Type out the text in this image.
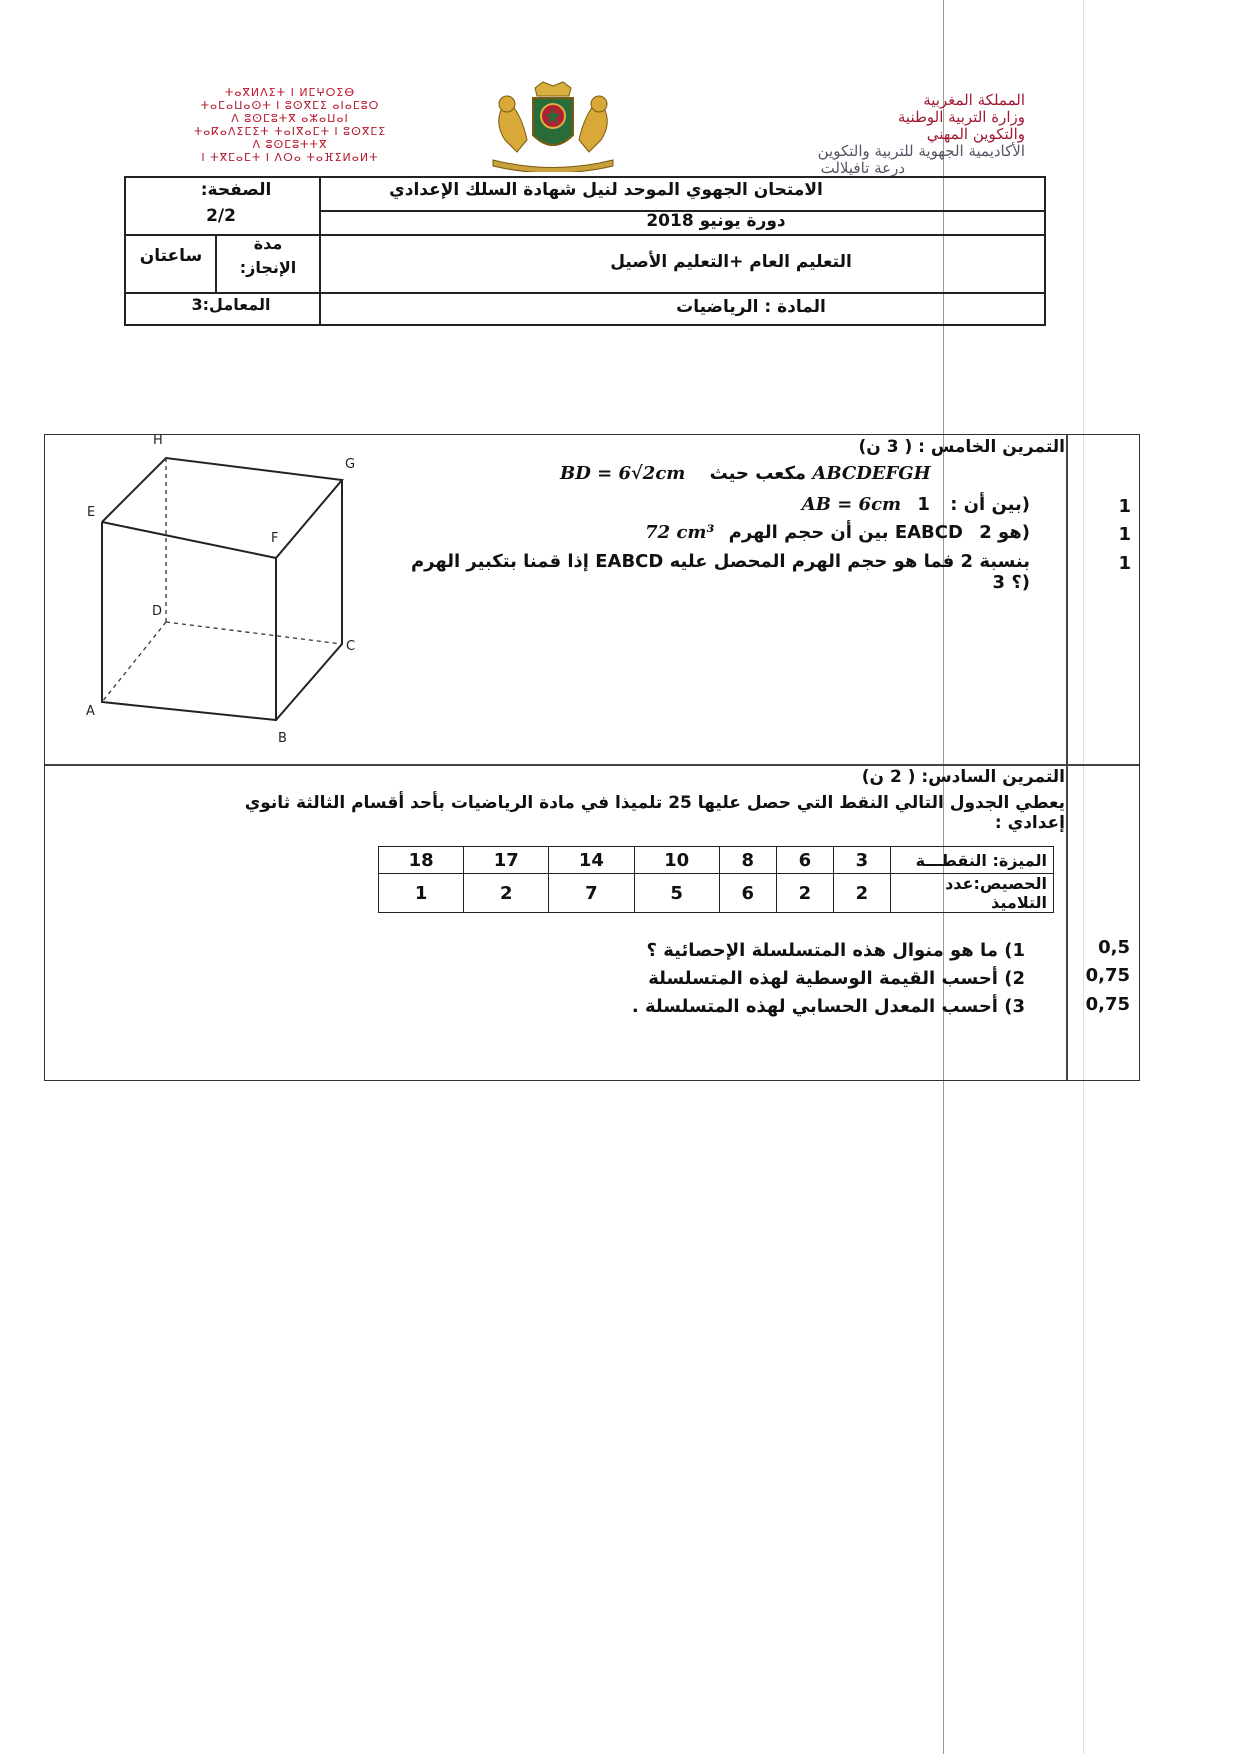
ⵜⴰⴳⵍⴷⵉⵜ ⵏ ⵍⵎⵖⵔⵉⴱ
ⵜⴰⵎⴰⵡⴰⵙⵜ ⵏ ⵓⵙⴳⵎⵉ ⴰⵏⴰⵎⵓⵔ
ⴷ ⵓⵙⵎⵓⵜⴳ ⴰⵣⴰⵡⴰⵏ
ⵜⴰⴽⴰⴷⵉⵎⵉⵜ ⵜⴰⵏⴳⴰⵎⵜ ⵏ ⵓⵙⴳⵎⵉ
ⴷ ⵓⵙⵎⵓⵜⵜⴳ
ⵏ ⵜⴳⵎⴰⵎⵜ ⵏ ⴷⵔⴰ ⵜⴰⴼⵉⵍⴰⵍⵜ
المملكة المغربية
وزارة التربية الوطنية
والتكوين المهني
الأكاديمية الجهوية للتربية والتكوين
درعة تافيلالت
الامتحان الجهوي الموحد لنيل شهادة السلك الإعدادي
دورة يونيو 2018
التعليم العام +التعليم الأصيل
المادة : الرياضيات
الصفحة:
2/2
مدة
الإنجاز:
ساعتان
المعامل:3
H
G
E
F
D
C
A
B
التمرين الخامس : ( 3 ن)
BD = 6√2cm مكعب حيث ABCDEFGH
AB = 6cm	بين أن : 1)
72 cm³ بين أن حجم الهرم EABCD هو 2)
إذا قمنا بتكبير الهرم EABCD بنسبة 2 فما هو حجم الهرم المحصل عليه ؟ 3)
1
1
1
التمرين السادس: ( 2 ن)
يعطي الجدول التالي النقط التي حصل عليها 25 تلميذا في مادة الرياضيات بأحد أقسام الثالثة ثانوي إعدادي :
الميزة: النقطـــة	3	6	8	10	14	17	18
الحصيص:عدد التلاميذ	2	2	6	5	7	2	1
1) ما هو منوال هذه المتسلسلة الإحصائية ؟
2) أحسب القيمة الوسطية لهذه المتسلسلة
3) أحسب المعدل الحسابي لهذه المتسلسلة .
0,5
0,75
0,75
